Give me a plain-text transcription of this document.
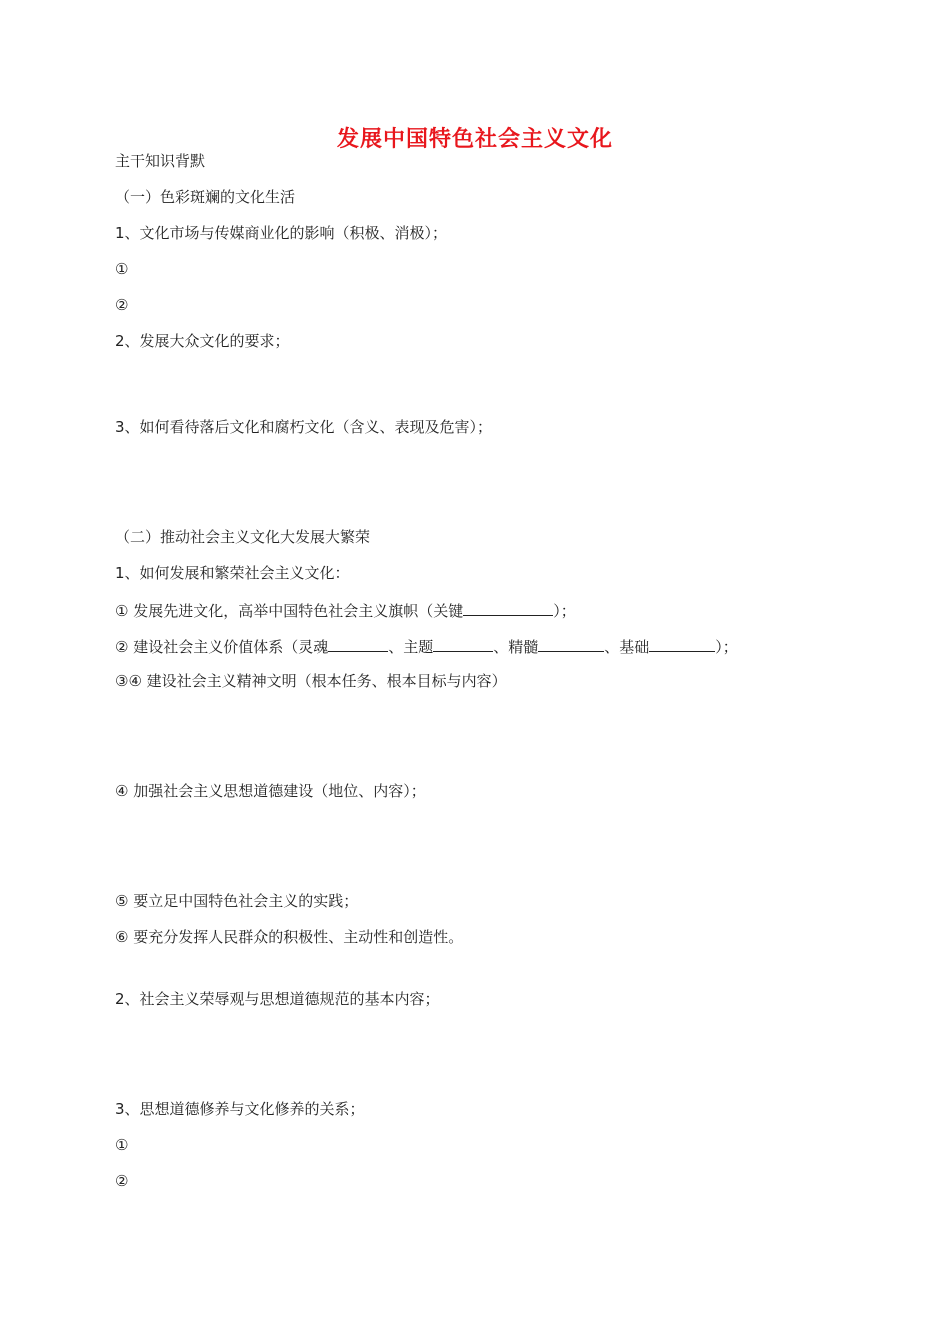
发展中国特色社会主义文化
主干知识背默
（一）色彩斑斓的文化生活
1、文化市场与传媒商业化的影响（积极、消极）；
①
②
2、发展大众文化的要求；
3、如何看待落后文化和腐朽文化（含义、表现及危害）；
（二）推动社会主义文化大发展大繁荣
1、如何发展和繁荣社会主义文化：
① 发展先进文化，高举中国特色社会主义旗帜（关键	）；
② 建设社会主义价值体系（灵魂	、主题	、精髓	、基础	）；
③④ 建设社会主义精神文明（根本任务、根本目标与内容）
④ 加强社会主义思想道德建设（地位、内容）；
⑤ 要立足中国特色社会主义的实践；
⑥ 要充分发挥人民群众的积极性、主动性和创造性。
2、社会主义荣辱观与思想道德规范的基本内容；
3、思想道德修养与文化修养的关系；
①
②
